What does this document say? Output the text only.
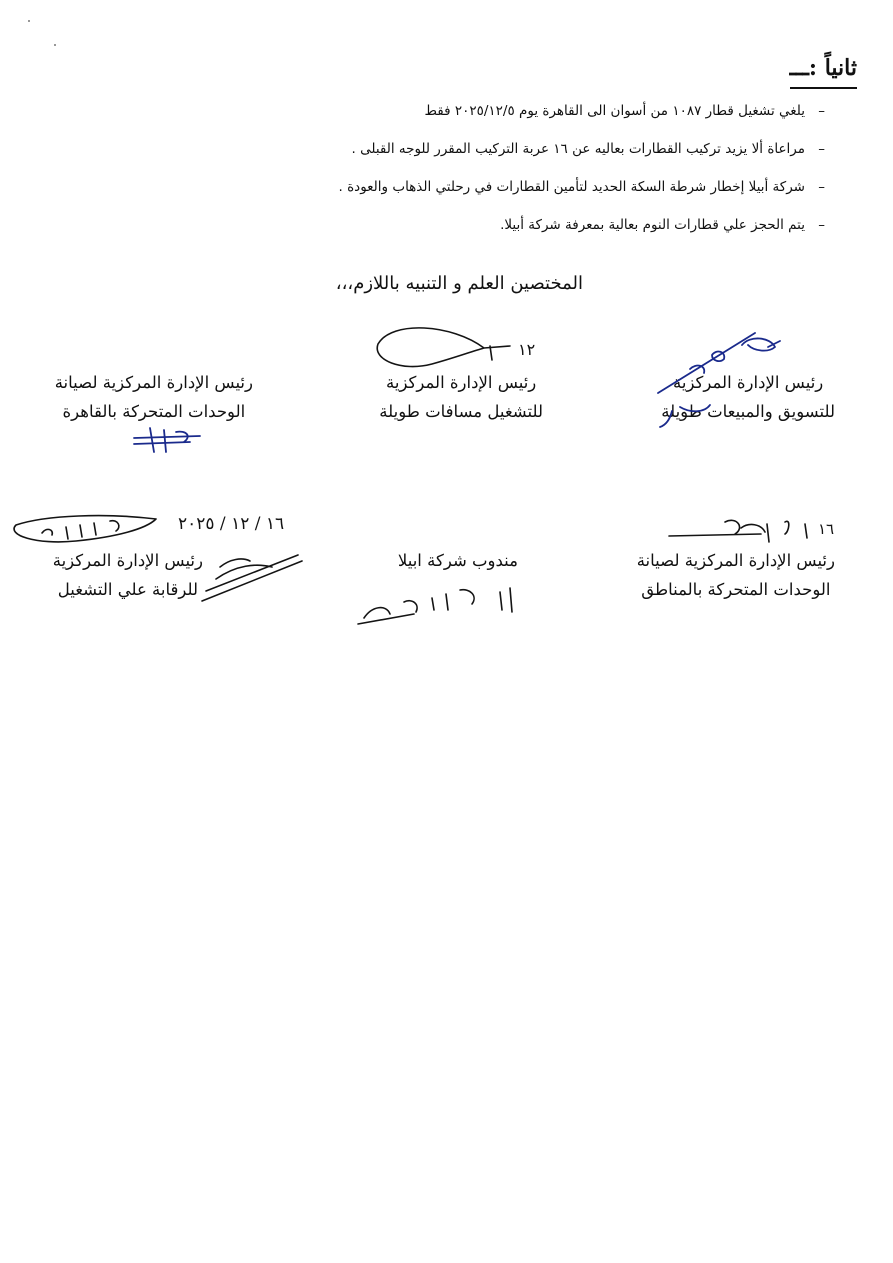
ثانياً :ـــ
–
يلغي تشغيل قطار ١٠٨٧ من أسوان الى القاهرة يوم ٢٠٢٥/١٢/٥ فقط
–
مراعاة ألا يزيد تركيب القطارات بعاليه عن ١٦ عربة التركيب المقرر للوجه القبلى .
–
شركة أبيلا إخطار شرطة السكة الحديد لتأمين القطارات في رحلتي الذهاب والعودة .
–
يتم الحجز علي قطارات النوم بعالية بمعرفة شركة أبيلا.
المختصين العلم و التنبيه باللازم،،،
رئيس الإدارة المركزية
للتسويق والمبيعات طويلة
رئيس الإدارة المركزية
للتشغيل مسافات طويلة
رئيس الإدارة المركزية لصيانة
الوحدات المتحركة بالقاهرة
رئيس الإدارة المركزية لصيانة
الوحدات المتحركة بالمناطق
مندوب شركة ابيلا
رئيس الإدارة المركزية
للرقابة علي التشغيل
١٢
١٦
١٦ / ١٢ / ٢٠٢٥
